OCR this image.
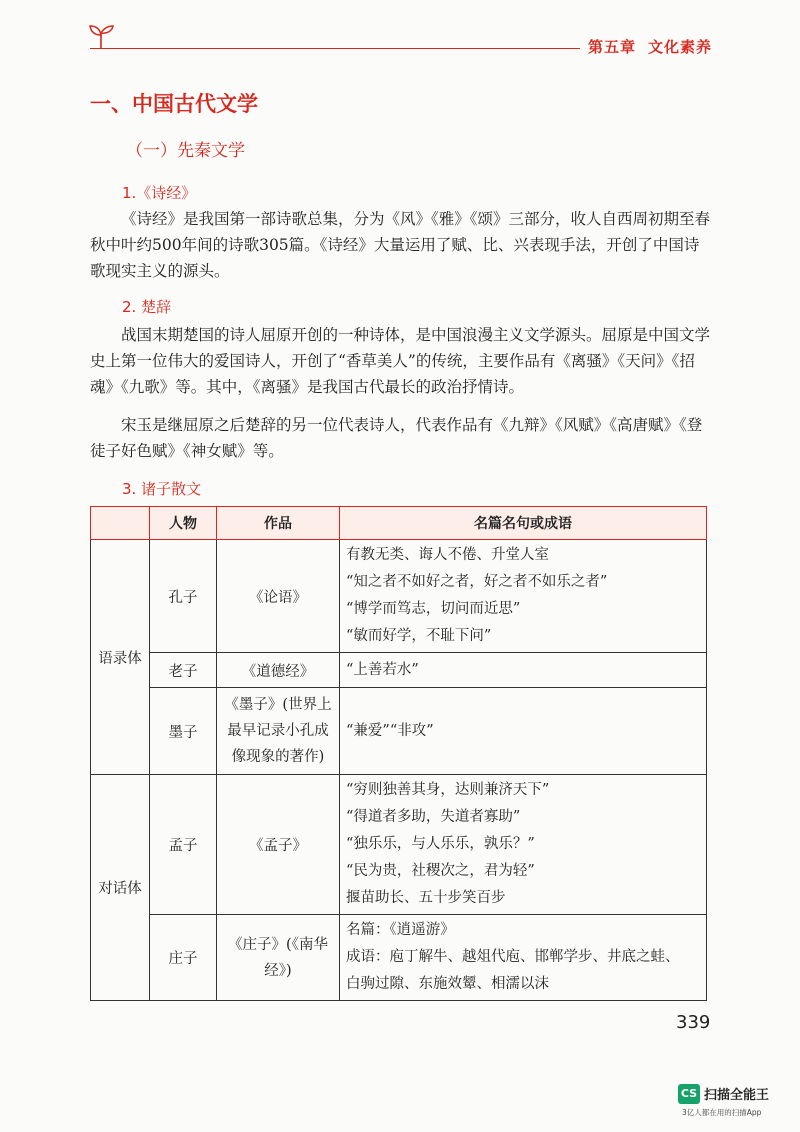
第五章 文化素养
一、中国古代文学
（一）先秦文学
1.《诗经》
《诗经》是我国第一部诗歌总集，分为《风》《雅》《颂》三部分，收人自西周初期至春秋中叶约500年间的诗歌305篇。《诗经》大量运用了赋、比、兴表现手法，开创了中国诗歌现实主义的源头。
2. 楚辞
战国末期楚国的诗人屈原开创的一种诗体，是中国浪漫主义文学源头。屈原是中国文学史上第一位伟大的爱国诗人，开创了“香草美人”的传统，主要作品有《离骚》《天问》《招魂》《九歌》等。其中，《离骚》是我国古代最长的政治抒情诗。
宋玉是继屈原之后楚辞的另一位代表诗人，代表作品有《九辩》《风赋》《高唐赋》《登徒子好色赋》《神女赋》等。
3. 诸子散文
	人物	作品	名篇名句或成语
语录体	孔子	《论语》	有教无类、诲人不倦、升堂人室
“知之者不如好之者，好之者不如乐之者”
“博学而笃志，切问而近思”
“敏而好学，不耻下问”

	老子	《道德经》	“上善若水”

	墨子	《墨子》(世界上最早记录小孔成像现象的著作)	“兼爱”“非攻”

对话体	孟子	《孟子》	“穷则独善其身，达则兼济天下”
“得道者多助，失道者寡助”
“独乐乐，与人乐乐，孰乐？”
“民为贵，社稷次之，君为轻”
揠苗助长、五十步笑百步

	庄子	《庄子》(《南华经》)	名篇：《逍遥游》
成语：庖丁解牛、越俎代庖、邯郸学步、井底之蛙、
白驹过隙、东施效颦、相濡以沫
339
CS 扫描全能王
3亿人都在用的扫描App
